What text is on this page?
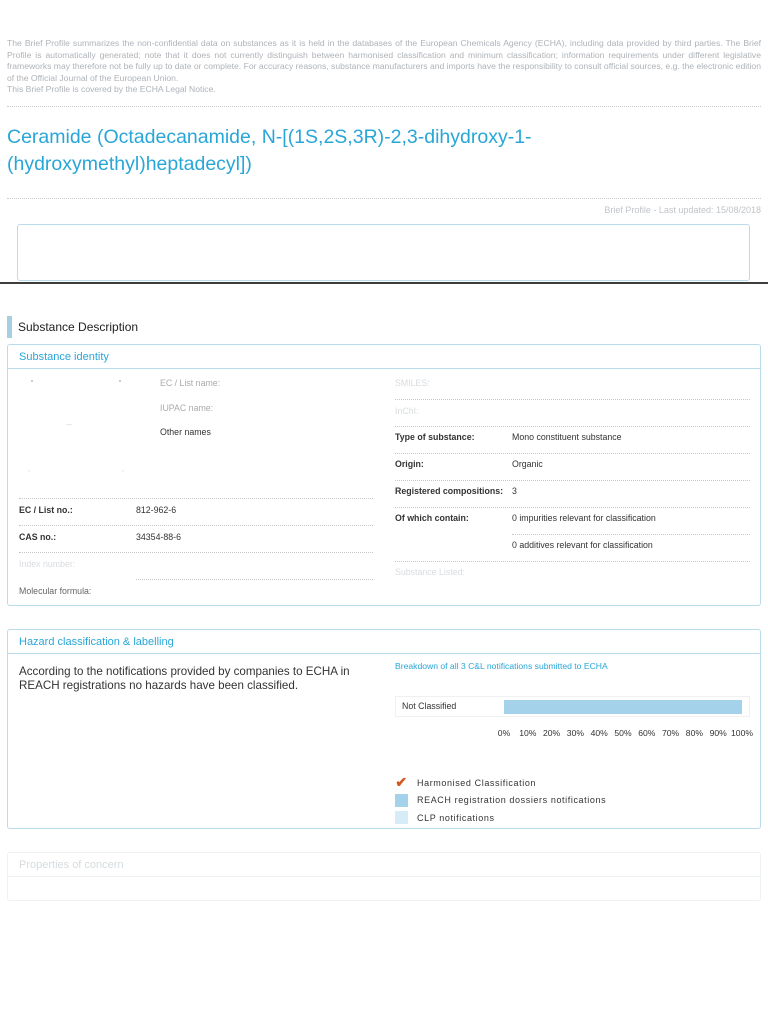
The Brief Profile summarizes the non-confidential data on substances as it is held in the databases of the European Chemicals Agency (ECHA), including data provided by third parties. The Brief Profile is automatically generated; note that it does not currently distinguish between harmonised classification and minimum classification; information requirements under different legislative frameworks may therefore not be fully up to date or complete. For accuracy reasons, substance manufacturers and imports have the responsibility to consult official sources, e.g. the electronic edition of the Official Journal of the European Union.

This Brief Profile is covered by the ECHA Legal Notice.

Ceramide (Octadecanamide, N-[(1S,2S,3R)-2,3-dihydroxy-1-(hydroxymethyl)heptadecyl])
Brief Profile - Last updated: 15/08/2018
Substance Description
Substance identity
...
EC / List name:
IUPAC name:
Other names
SMILES:
InChI:
Type of substance:	Mono constituent substance
Origin:	Organic
Registered compositions: 3
Of which contain:	0 impurities relevant for classification
0 additives relevant for classification
Substance Listed:
EC / List no.:	812-962-6
CAS no.:	34354-88-6
Index number:
Molecular formula:
Hazard classification & labelling

According to the notifications provided by companies to ECHA in REACH registrations no hazards have been classified.

Breakdown of all 3 C&L notifications submitted to ECHA
Not Classified
0% 10% 20% 30% 40% 50% 60% 70% 80% 90% 100%
✔ Harmonised Classification
REACH registration dossiers notifications
CLP notifications
Properties of concern
